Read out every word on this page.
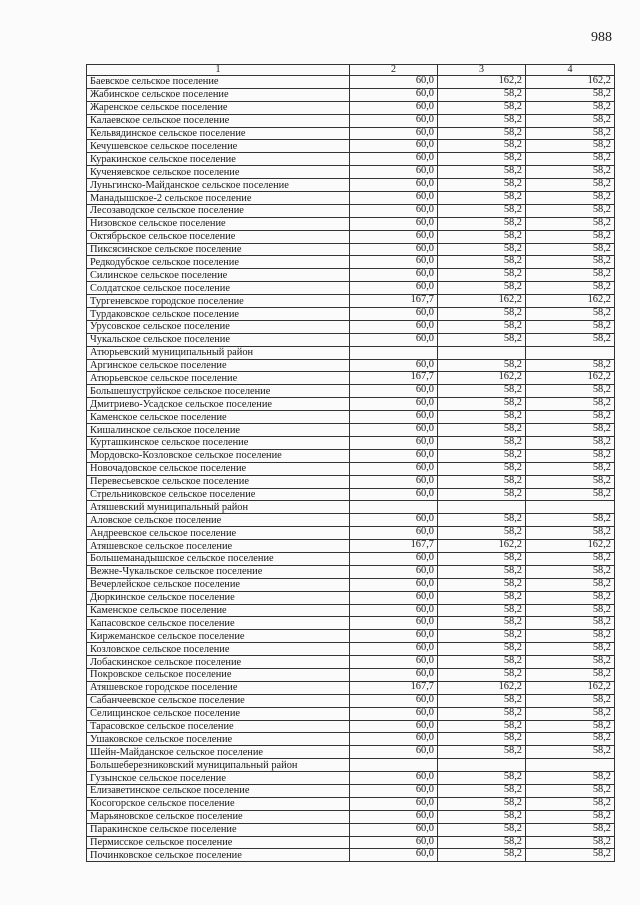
988
1	2	3	4
Баевское сельское поселение	60,0	162,2	162,2
Жабинское сельское поселение	60,0	58,2	58,2
Жаренское сельское поселение	60,0	58,2	58,2
Калаевское сельское поселение	60,0	58,2	58,2
Кельвядинское сельское поселение	60,0	58,2	58,2
Кечушевское сельское поселение	60,0	58,2	58,2
Куракинское сельское поселение	60,0	58,2	58,2
Кученяевское сельское поселение	60,0	58,2	58,2
Луньгинско-Майданское сельское поселение	60,0	58,2	58,2
Манадышское-2 сельское поселение	60,0	58,2	58,2
Лесозаводское сельское поселение	60,0	58,2	58,2
Низовское сельское поселение	60,0	58,2	58,2
Октябрьское сельское поселение	60,0	58,2	58,2
Пиксясинское сельское поселение	60,0	58,2	58,2
Редкодубское сельское поселение	60,0	58,2	58,2
Силинское сельское поселение	60,0	58,2	58,2
Солдатское сельское поселение	60,0	58,2	58,2
Тургеневское городское поселение	167,7	162,2	162,2
Турдаковское сельское поселение	60,0	58,2	58,2
Урусовское сельское поселение	60,0	58,2	58,2
Чукальское сельское поселение	60,0	58,2	58,2
Атюрьевский муниципальный район			
Аргинское сельское поселение	60,0	58,2	58,2
Атюрьевское сельское поселение	167,7	162,2	162,2
Большешуструйское сельское поселение	60,0	58,2	58,2
Дмитриево-Усадское сельское поселение	60,0	58,2	58,2
Каменское сельское поселение	60,0	58,2	58,2
Кишалинское сельское поселение	60,0	58,2	58,2
Курташкинское сельское поселение	60,0	58,2	58,2
Мордовско-Козловское сельское поселение	60,0	58,2	58,2
Новочадовское сельское поселение	60,0	58,2	58,2
Перевесьевское сельское поселение	60,0	58,2	58,2
Стрельниковское сельское поселение	60,0	58,2	58,2
Атяшевский муниципальный район			
Аловское сельское поселение	60,0	58,2	58,2
Андреевское сельское поселение	60,0	58,2	58,2
Атяшевское сельское поселение	167,7	162,2	162,2
Большеманадышское сельское поселение	60,0	58,2	58,2
Вежне-Чукальское сельское поселение	60,0	58,2	58,2
Вечерлейское сельское поселение	60,0	58,2	58,2
Дюркинское сельское поселение	60,0	58,2	58,2
Каменское сельское поселение	60,0	58,2	58,2
Капасовское сельское поселение	60,0	58,2	58,2
Киржеманское сельское поселение	60,0	58,2	58,2
Козловское сельское поселение	60,0	58,2	58,2
Лобаскинское сельское поселение	60,0	58,2	58,2
Покровское сельское поселение	60,0	58,2	58,2
Атяшевское городское поселение	167,7	162,2	162,2
Сабанчеевское сельское поселение	60,0	58,2	58,2
Селищинское сельское поселение	60,0	58,2	58,2
Тарасовское сельское поселение	60,0	58,2	58,2
Ушаковское сельское поселение	60,0	58,2	58,2
Шейн-Майданское сельское поселение	60,0	58,2	58,2
Большеберезниковский муниципальный район			
Гузынское сельское поселение	60,0	58,2	58,2
Елизаветинское сельское поселение	60,0	58,2	58,2
Косогорское сельское поселение	60,0	58,2	58,2
Марьяновское сельское поселение	60,0	58,2	58,2
Паракинское сельское поселение	60,0	58,2	58,2
Пермисское сельское поселение	60,0	58,2	58,2
Починковское сельское поселение	60,0	58,2	58,2
